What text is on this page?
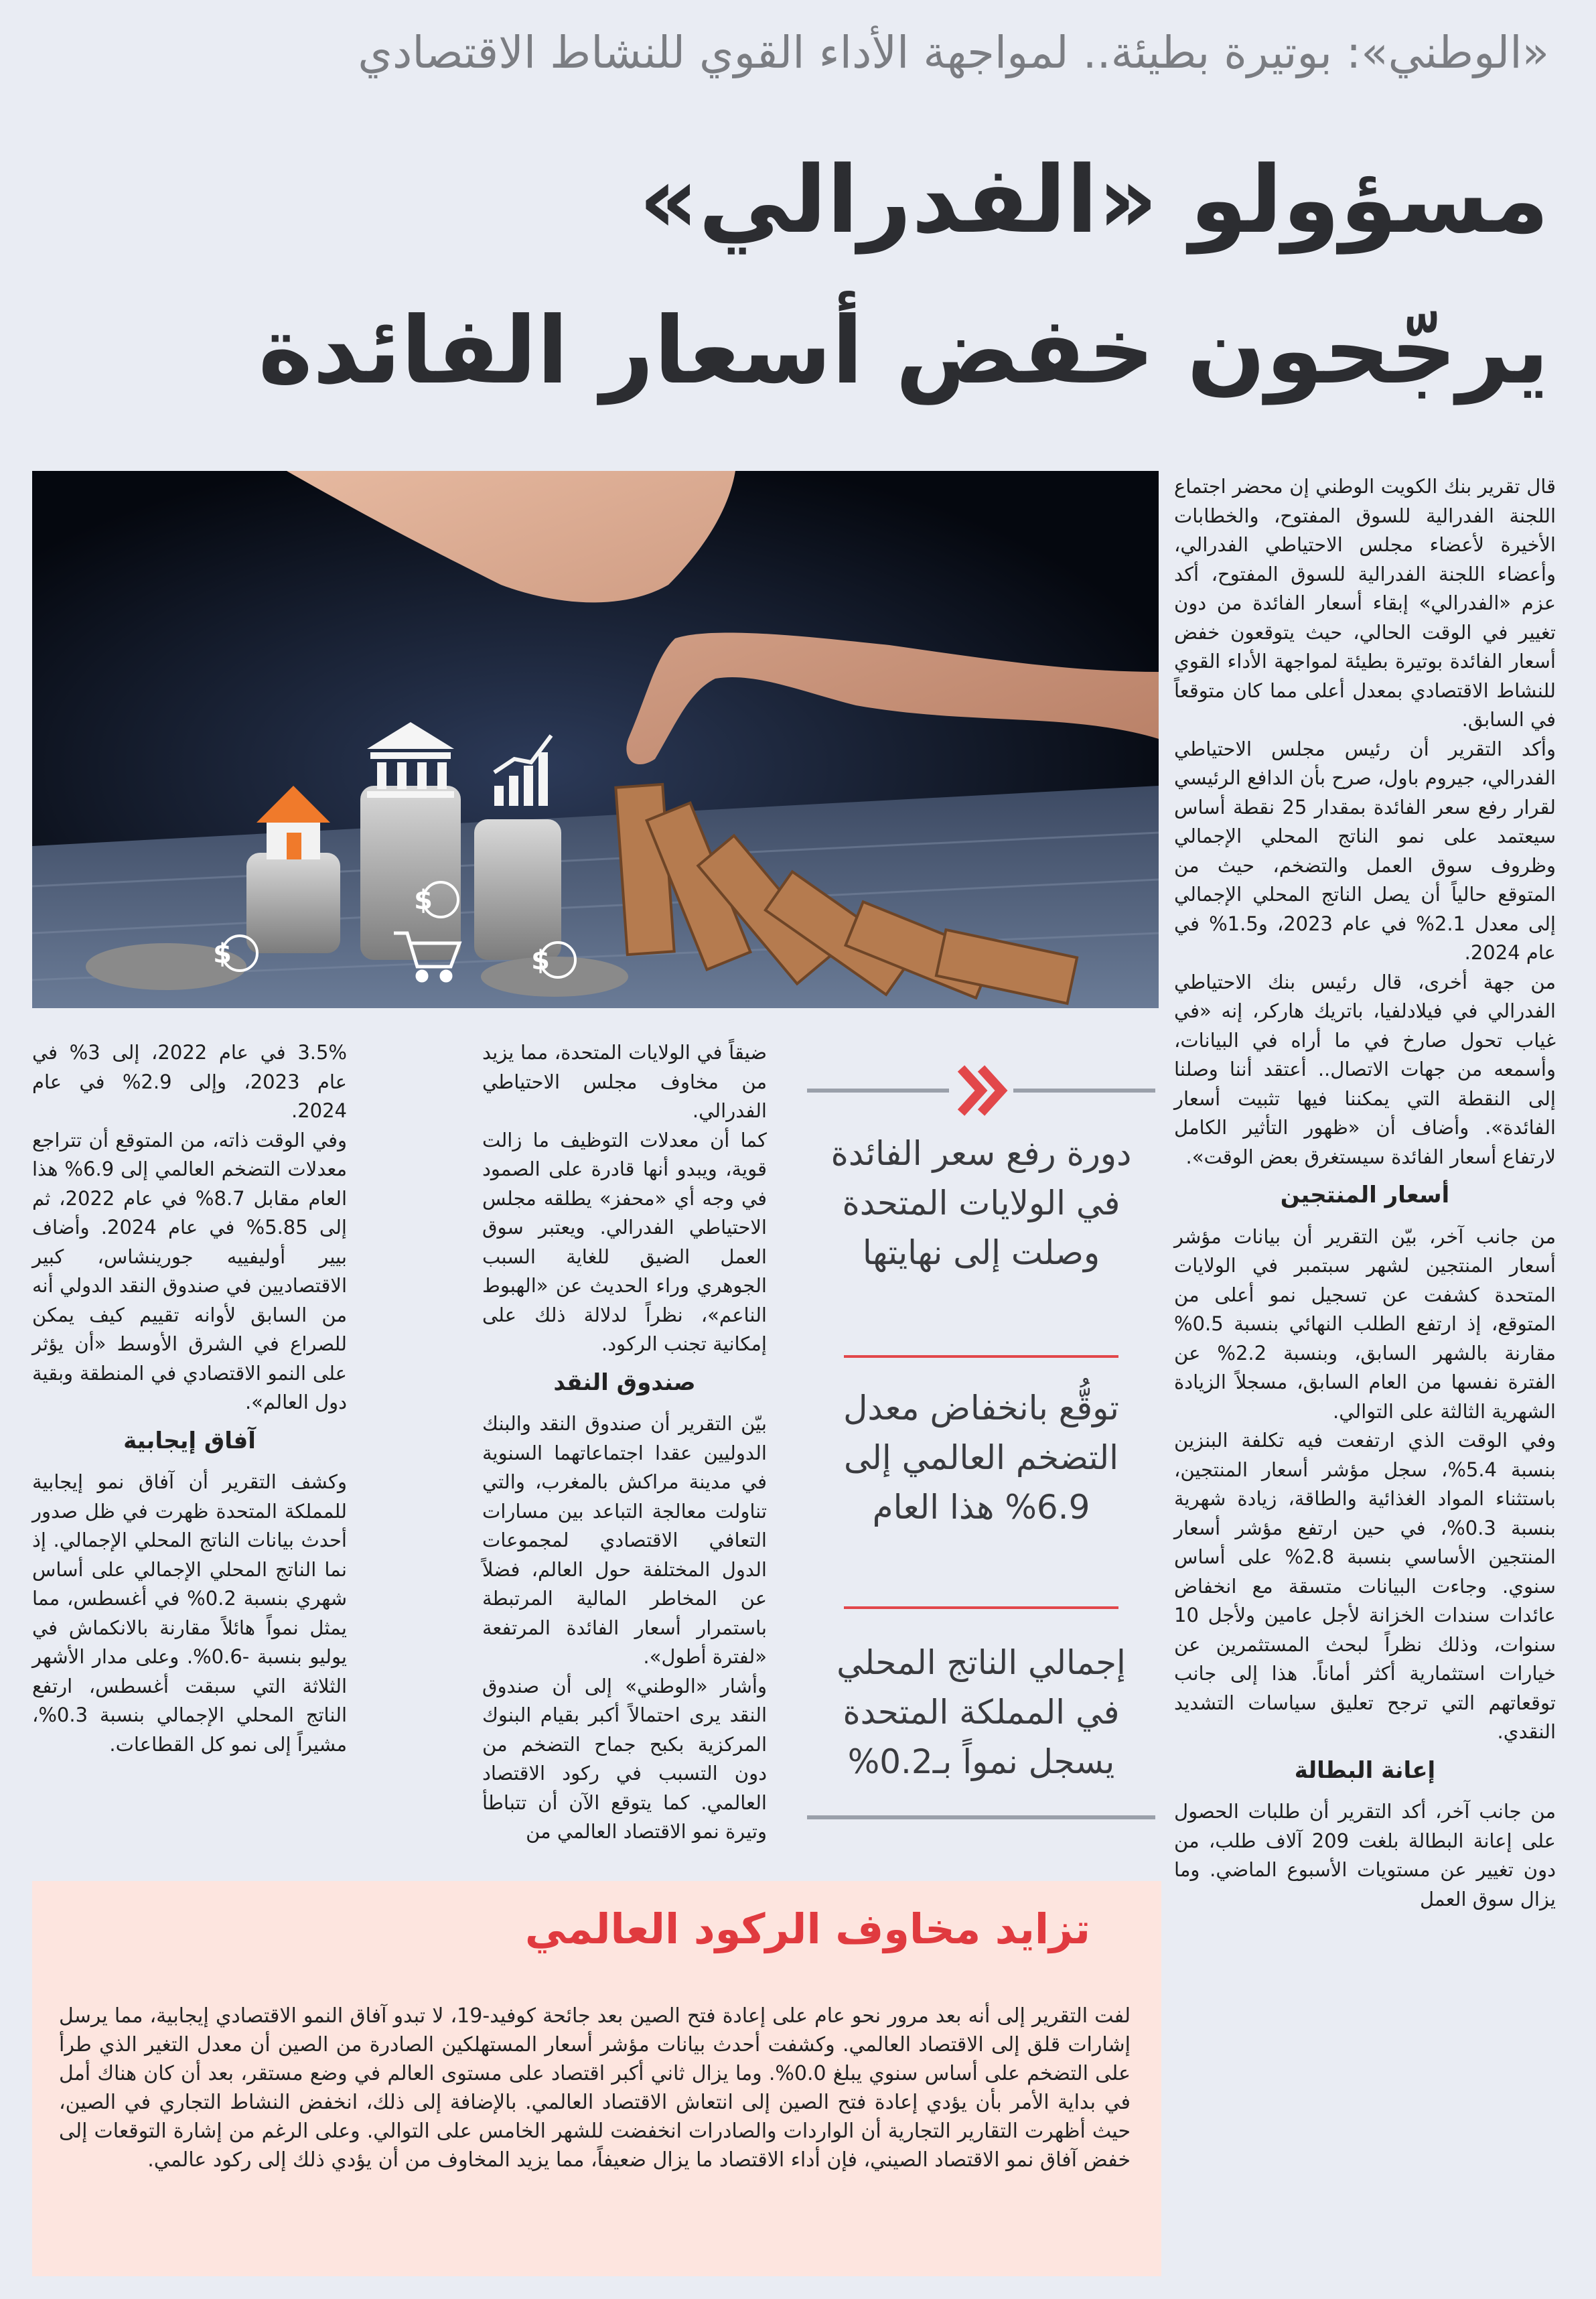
«الوطني»: بوتيرة بطيئة.. لمواجهة الأداء القوي للنشاط الاقتصادي
مسؤولو «الفدرالي»
يرجّحون خفض أسعار الفائدة
$
$
$

قال تقرير بنك الكويت الوطني إن محضر اجتماع اللجنة الفدرالية للسوق المفتوح، والخطابات الأخيرة لأعضاء مجلس الاحتياطي الفدرالي، وأعضاء اللجنة الفدرالية للسوق المفتوح، أكد عزم «الفدرالي» إبقاء أسعار الفائدة من دون تغيير في الوقت الحالي، حيث يتوقعون خفض أسعار الفائدة بوتيرة بطيئة لمواجهة الأداء القوي للنشاط الاقتصادي بمعدل أعلى مما كان متوقعاً في السابق.

وأكد التقرير أن رئيس مجلس الاحتياطي الفدرالي، جيروم باول، صرح بأن الدافع الرئيسي لقرار رفع سعر الفائدة بمقدار 25 نقطة أساس سيعتمد على نمو الناتج المحلي الإجمالي وظروف سوق العمل والتضخم، حيث من المتوقع حالياً أن يصل الناتج المحلي الإجمالي إلى معدل 2.1% في عام 2023، و1.5% في عام 2024.

من جهة أخرى، قال رئيس بنك الاحتياطي الفدرالي في فيلادلفيا، باتريك هاركر، إنه «في غياب تحول صارخ في ما أراه في البيانات، وأسمعه من جهات الاتصال.. أعتقد أننا وصلنا إلى النقطة التي يمكننا فيها تثبيت أسعار الفائدة». وأضاف أن «ظهور التأثير الكامل لارتفاع أسعار الفائدة سيستغرق بعض الوقت».

أسعار المنتجين

من جانب آخر، بيّن التقرير أن بيانات مؤشر أسعار المنتجين لشهر سبتمبر في الولايات المتحدة كشفت عن تسجيل نمو أعلى من المتوقع، إذ ارتفع الطلب النهائي بنسبة 0.5% مقارنة بالشهر السابق، وبنسبة 2.2% عن الفترة نفسها من العام السابق، مسجلاً الزيادة الشهرية الثالثة على التوالي.

وفي الوقت الذي ارتفعت فيه تكلفة البنزين بنسبة 5.4%، سجل مؤشر أسعار المنتجين، باستثناء المواد الغذائية والطاقة، زيادة شهرية بنسبة 0.3%، في حين ارتفع مؤشر أسعار المنتجين الأساسي بنسبة 2.8% على أساس سنوي. وجاءت البيانات متسقة مع انخفاض عائدات سندات الخزانة لأجل عامين ولأجل 10 سنوات، وذلك نظراً لبحث المستثمرين عن خيارات استثمارية أكثر أماناً. هذا إلى جانب توقعاتهم التي ترجح تعليق سياسات التشديد النقدي.

إعانة البطالة

من جانب آخر، أكد التقرير أن طلبات الحصول على إعانة البطالة بلغت 209 آلاف طلب، من دون تغيير عن مستويات الأسبوع الماضي. وما يزال سوق العمل

دورة رفع سعر الفائدة في الولايات المتحدة وصلت إلى نهايتها
توقُّع بانخفاض معدل التضخم العالمي إلى 6.9% هذا العام
إجمالي الناتج المحلي في المملكة المتحدة يسجل نمواً بـ0.2%

ضيقاً في الولايات المتحدة، مما يزيد من مخاوف مجلس الاحتياطي الفدرالي.

كما أن معدلات التوظيف ما زالت قوية، ويبدو أنها قادرة على الصمود في وجه أي «محفز» يطلقه مجلس الاحتياطي الفدرالي. ويعتبر سوق العمل الضيق للغاية السبب الجوهري وراء الحديث عن «الهبوط الناعم»، نظراً لدلالة ذلك على إمكانية تجنب الركود.

صندوق النقد

بيّن التقرير أن صندوق النقد والبنك الدوليين عقدا اجتماعاتهما السنوية في مدينة مراكش بالمغرب، والتي تناولت معالجة التباعد بين مسارات التعافي الاقتصادي لمجموعات الدول المختلفة حول العالم، فضلاً عن المخاطر المالية المرتبطة باستمرار أسعار الفائدة المرتفعة «لفترة أطول».

وأشار «الوطني» إلى أن صندوق النقد يرى احتمالاً أكبر بقيام البنوك المركزية بكبح جماح التضخم من دون التسبب في ركود الاقتصاد العالمي. كما يتوقع الآن أن تتباطأ وتيرة نمو الاقتصاد العالمي من

3.5% في عام 2022، إلى 3% في عام 2023، وإلى 2.9% في عام 2024.

وفي الوقت ذاته، من المتوقع أن تتراجع معدلات التضخم العالمي إلى 6.9% هذا العام مقابل 8.7% في عام 2022، ثم إلى 5.85% في عام 2024. وأضاف بيير أوليفييه جورينشاس، كبير الاقتصاديين في صندوق النقد الدولي أنه من السابق لأوانه تقييم كيف يمكن للصراع في الشرق الأوسط «أن يؤثر على النمو الاقتصادي في المنطقة وبقية دول العالم».

آفاق إيجابية

وكشف التقرير أن آفاق نمو إيجابية للمملكة المتحدة ظهرت في ظل صدور أحدث بيانات الناتج المحلي الإجمالي. إذ نما الناتج المحلي الإجمالي على أساس شهري بنسبة 0.2% في أغسطس، مما يمثل نمواً هائلاً مقارنة بالانكماش في يوليو بنسبة -0.6%. وعلى مدار الأشهر الثلاثة التي سبقت أغسطس، ارتفع الناتج المحلي الإجمالي بنسبة 0.3%، مشيراً إلى نمو كل القطاعات.

تزايد مخاوف الركود العالمي
لفت التقرير إلى أنه بعد مرور نحو عام على إعادة فتح الصين بعد جائحة كوفيد-19، لا تبدو آفاق النمو الاقتصادي إيجابية، مما يرسل إشارات قلق إلى الاقتصاد العالمي. وكشفت أحدث بيانات مؤشر أسعار المستهلكين الصادرة من الصين أن معدل التغير الذي طرأ على التضخم على أساس سنوي يبلغ 0.0%. وما يزال ثاني أكبر اقتصاد على مستوى العالم في وضع مستقر، بعد أن كان هناك أمل في بداية الأمر بأن يؤدي إعادة فتح الصين إلى انتعاش الاقتصاد العالمي. بالإضافة إلى ذلك، انخفض النشاط التجاري في الصين، حيث أظهرت التقارير التجارية أن الواردات والصادرات انخفضت للشهر الخامس على التوالي. وعلى الرغم من إشارة التوقعات إلى خفض آفاق نمو الاقتصاد الصيني، فإن أداء الاقتصاد ما يزال ضعيفاً، مما يزيد المخاوف من أن يؤدي ذلك إلى ركود عالمي.
